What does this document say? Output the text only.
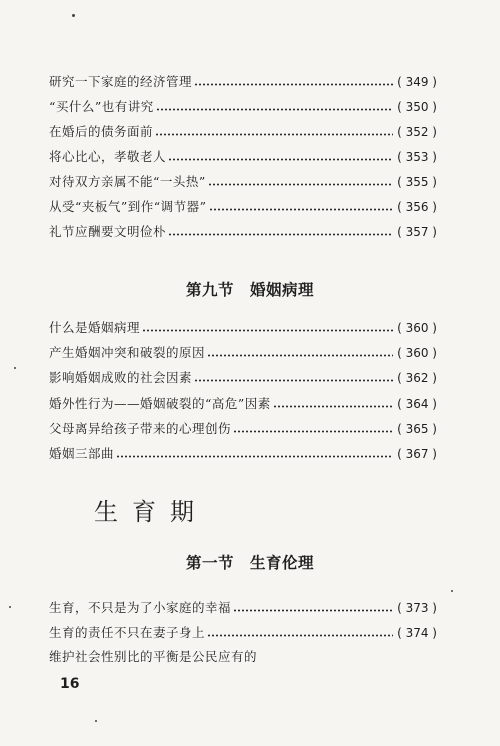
研究一下家庭的经济管理	( 349 )
“买什么”也有讲究	( 350 )
在婚后的债务面前	( 352 )
将心比心，孝敬老人	( 353 )
对待双方亲属不能“一头热”	( 355 )
从受“夹板气”到作“调节器”	( 356 )
礼节应酬要文明俭朴	( 357 )
第九节　婚姻病理
什么是婚姻病理	( 360 )
产生婚姻冲突和破裂的原因	( 360 )
影响婚姻成败的社会因素	( 362 )
婚外性行为——婚姻破裂的“高危”因素	( 364 )
父母离异给孩子带来的心理创伤	( 365 )
婚姻三部曲	( 367 )
生育期
第一节　生育伦理
生育，不只是为了小家庭的幸福	( 373 )
生育的责任不只在妻子身上	( 374 )
维护社会性别比的平衡是公民应有的
16
